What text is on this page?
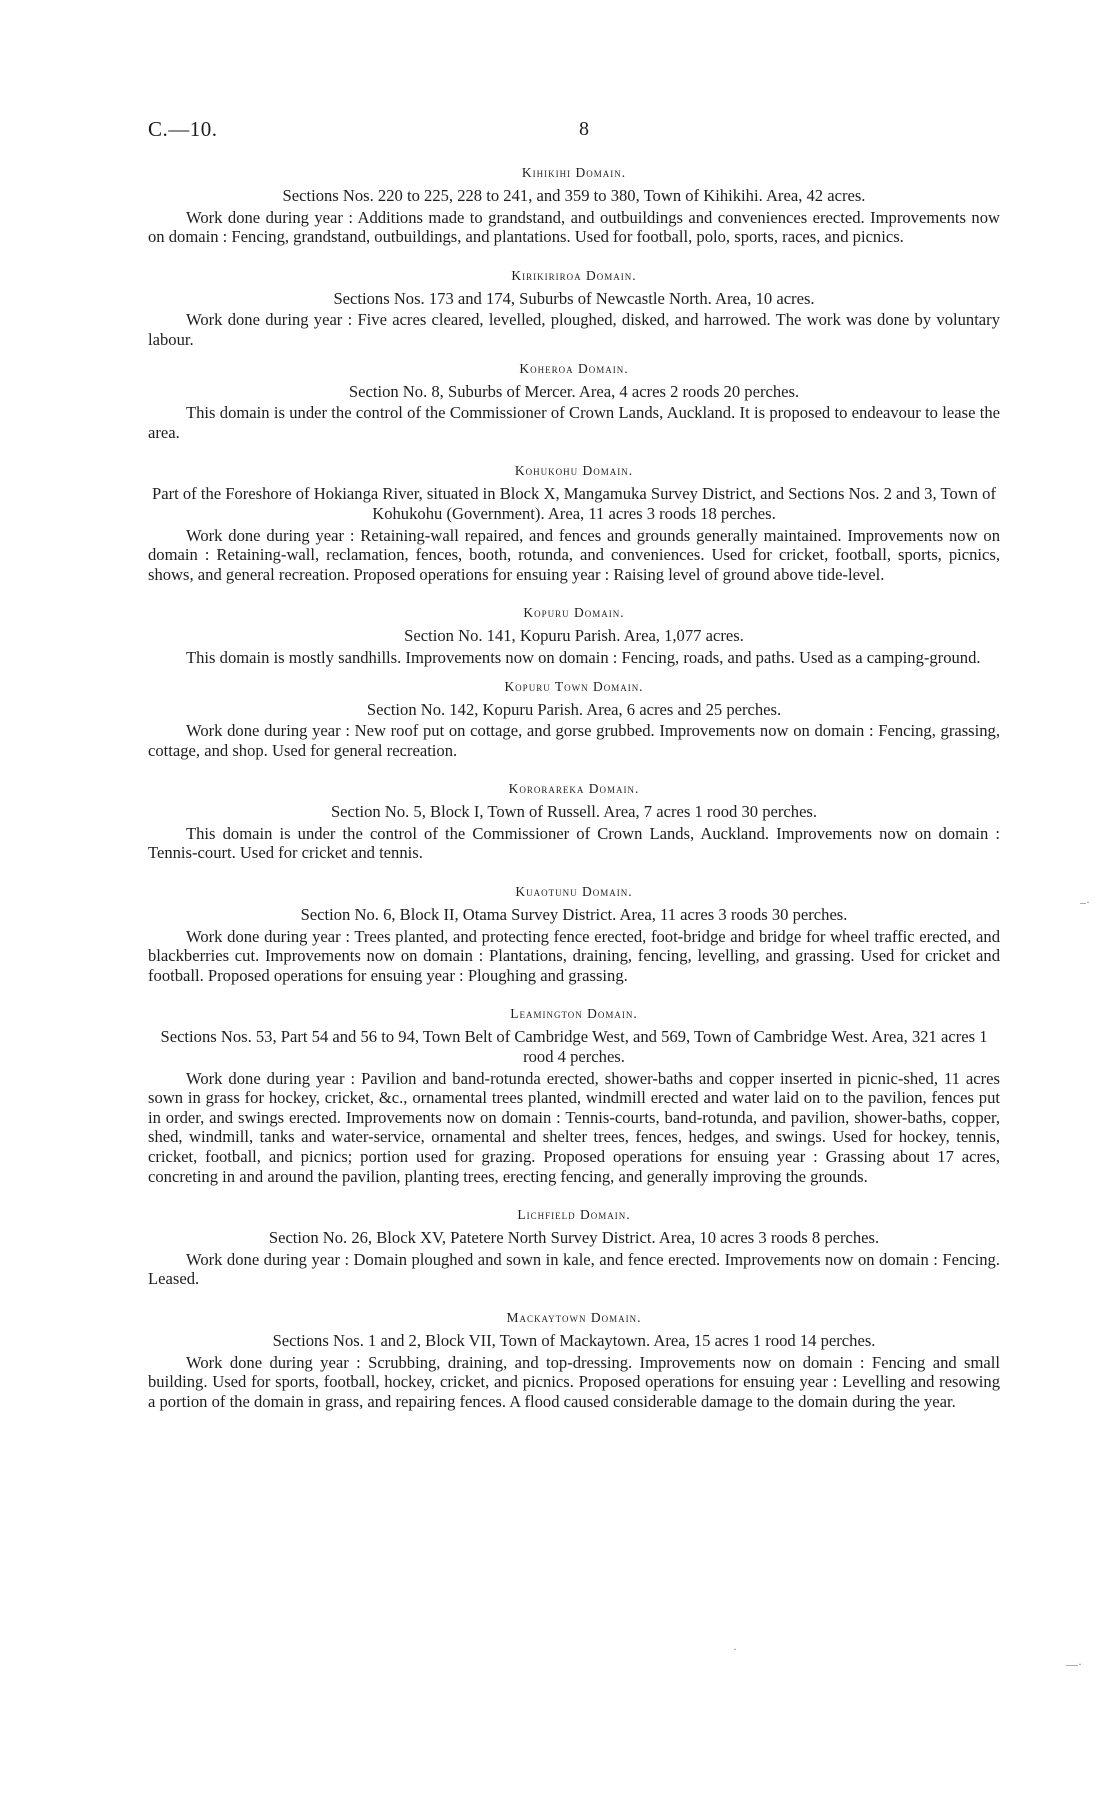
C.—10.	8
Kihikihi Domain.

Sections Nos. 220 to 225, 228 to 241, and 359 to 380, Town of Kihikihi. Area, 42 acres.

Work done during year : Additions made to grandstand, and outbuildings and conveniences erected. Improvements now on domain : Fencing, grandstand, outbuildings, and plantations. Used for football, polo, sports, races, and picnics.

Kirikiriroa Domain.

Sections Nos. 173 and 174, Suburbs of Newcastle North. Area, 10 acres.

Work done during year : Five acres cleared, levelled, ploughed, disked, and harrowed. The work was done by voluntary labour.

Koheroa Domain.

Section No. 8, Suburbs of Mercer. Area, 4 acres 2 roods 20 perches.

This domain is under the control of the Commissioner of Crown Lands, Auckland. It is proposed to endeavour to lease the area.

Kohukohu Domain.

Part of the Foreshore of Hokianga River, situated in Block X, Mangamuka Survey District, and Sections Nos. 2 and 3, Town of Kohukohu (Government). Area, 11 acres 3 roods 18 perches.

Work done during year : Retaining-wall repaired, and fences and grounds generally maintained. Improvements now on domain : Retaining-wall, reclamation, fences, booth, rotunda, and conveniences. Used for cricket, football, sports, picnics, shows, and general recreation. Proposed operations for ensuing year : Raising level of ground above tide-level.

Kopuru Domain.

Section No. 141, Kopuru Parish. Area, 1,077 acres.

This domain is mostly sandhills. Improvements now on domain : Fencing, roads, and paths. Used as a camping-ground.

Kopuru Town Domain.

Section No. 142, Kopuru Parish. Area, 6 acres and 25 perches.

Work done during year : New roof put on cottage, and gorse grubbed. Improvements now on domain : Fencing, grassing, cottage, and shop. Used for general recreation.

Kororareka Domain.

Section No. 5, Block I, Town of Russell. Area, 7 acres 1 rood 30 perches.

This domain is under the control of the Commissioner of Crown Lands, Auckland. Improvements now on domain : Tennis-court. Used for cricket and tennis.

Kuaotunu Domain.

Section No. 6, Block II, Otama Survey District. Area, 11 acres 3 roods 30 perches.

Work done during year : Trees planted, and protecting fence erected, foot-bridge and bridge for wheel traffic erected, and blackberries cut. Improvements now on domain : Plantations, draining, fencing, levelling, and grassing. Used for cricket and football. Proposed operations for ensuing year : Ploughing and grassing.

Leamington Domain.

Sections Nos. 53, Part 54 and 56 to 94, Town Belt of Cambridge West, and 569, Town of Cambridge West. Area, 321 acres 1 rood 4 perches.

Work done during year : Pavilion and band-rotunda erected, shower-baths and copper inserted in picnic-shed, 11 acres sown in grass for hockey, cricket, &c., ornamental trees planted, windmill erected and water laid on to the pavilion, fences put in order, and swings erected. Improvements now on domain : Tennis-courts, band-rotunda, and pavilion, shower-baths, copper, shed, windmill, tanks and water-service, ornamental and shelter trees, fences, hedges, and swings. Used for hockey, tennis, cricket, football, and picnics; portion used for grazing. Proposed operations for ensuing year : Grassing about 17 acres, concreting in and around the pavilion, planting trees, erecting fencing, and generally improving the grounds.

Lichfield Domain.

Section No. 26, Block XV, Patetere North Survey District. Area, 10 acres 3 roods 8 perches.

Work done during year : Domain ploughed and sown in kale, and fence erected. Improvements now on domain : Fencing. Leased.

Mackaytown Domain.

Sections Nos. 1 and 2, Block VII, Town of Mackaytown. Area, 15 acres 1 rood 14 perches.

Work done during year : Scrubbing, draining, and top-dressing. Improvements now on domain : Fencing and small building. Used for sports, football, hockey, cricket, and picnics. Proposed operations for ensuing year : Levelling and resowing a portion of the domain in grass, and repairing fences. A flood caused considerable damage to the domain during the year.

–·
—·
·
